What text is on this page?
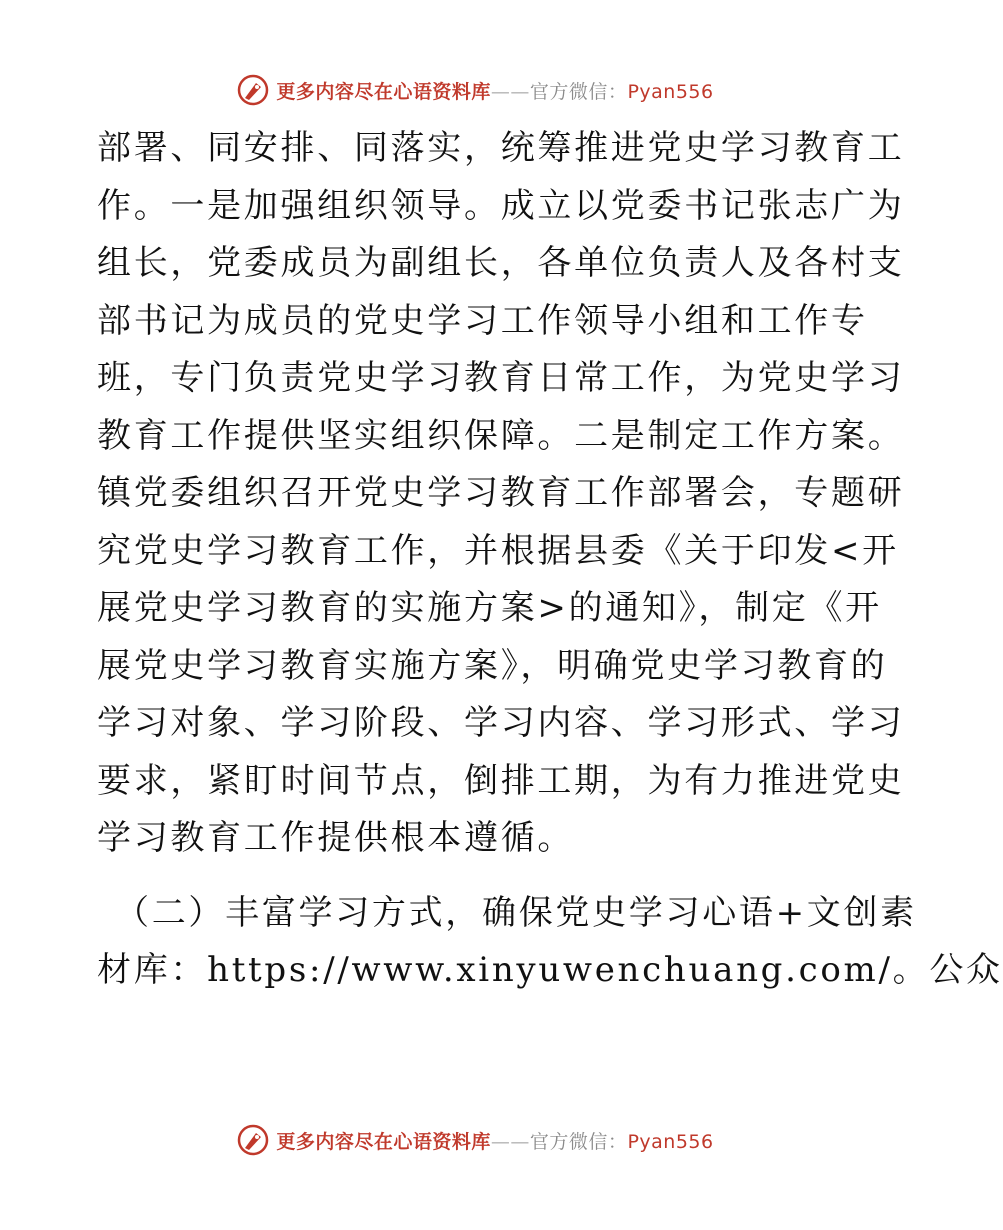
更多内容尽在心语资料库——官方微信：Pyan556
部署、同安排、同落实，统筹推进党史学习教育工
作。一是加强组织领导。成立以党委书记张志广为
组长，党委成员为副组长，各单位负责人及各村支
部书记为成员的党史学习工作领导小组和工作专
班，专门负责党史学习教育日常工作，为党史学习
教育工作提供坚实组织保障。二是制定工作方案。
镇党委组织召开党史学习教育工作部署会，专题研
究党史学习教育工作，并根据县委《关于印发<开
展党史学习教育的实施方案>的通知》，制定《开
展党史学习教育实施方案》，明确党史学习教育的
学习对象、学习阶段、学习内容、学习形式、学习
要求，紧盯时间节点，倒排工期，为有力推进党史
学习教育工作提供根本遵循。
（二）丰富学习方式，确保党史学习心语+文创素
材库：https://www.xinyuwenchuang.com/。公众
更多内容尽在心语资料库——官方微信：Pyan556
